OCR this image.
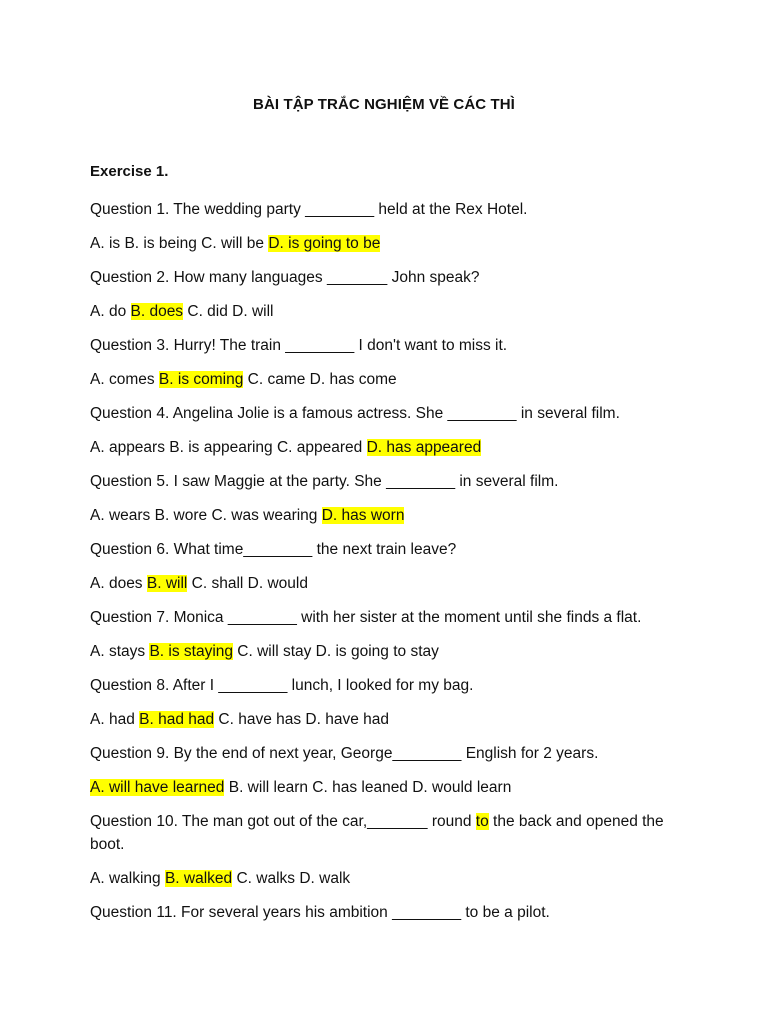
BÀI TẬP TRẮC NGHIỆM VỀ CÁC THÌ
Exercise 1.
Question 1. The wedding party ________ held at the Rex Hotel.
A. is B. is being C. will be D. is going to be
Question 2. How many languages _______ John speak?
A. do B. does C. did D. will
Question 3. Hurry! The train ________ I don't want to miss it.
A. comes B. is coming C. came D. has come
Question 4. Angelina Jolie is a famous actress. She ________ in several film.
A. appears B. is appearing C. appeared D. has appeared
Question 5. I saw Maggie at the party. She ________ in several film.
A. wears B. wore C. was wearing D. has worn
Question 6. What time________ the next train leave?
A. does B. will C. shall D. would
Question 7. Monica ________ with her sister at the moment until she finds a flat.
A. stays B. is staying C. will stay D. is going to stay
Question 8. After I ________ lunch, I looked for my bag.
A. had B. had had C. have has D. have had
Question 9. By the end of next year, George________ English for 2 years.
A. will have learned B. will learn C. has leaned D. would learn
Question 10. The man got out of the car,_______ round to the back and opened the boot.
A. walking B. walked C. walks D. walk
Question 11. For several years his ambition ________ to be a pilot.
